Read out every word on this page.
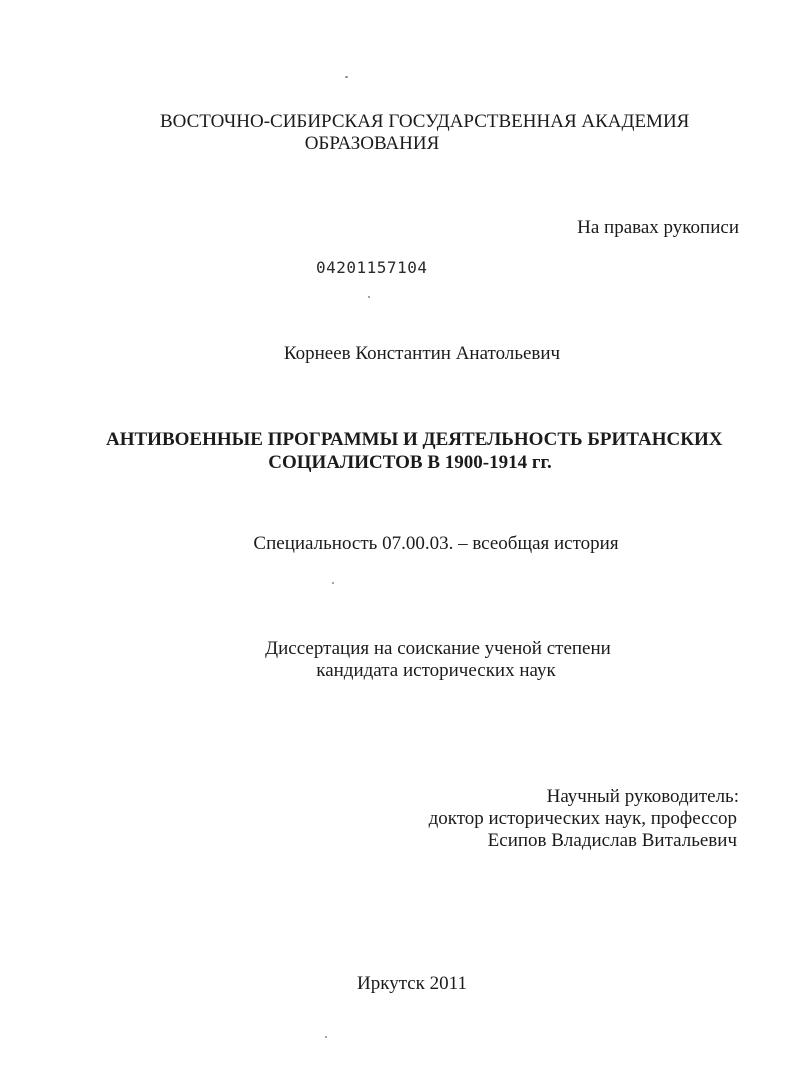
ВОСТОЧНО-СИБИРСКАЯ ГОСУДАРСТВЕННАЯ АКАДЕМИЯ
ОБРАЗОВАНИЯ
На правах рукописи
04201157104
Корнеев Константин Анатольевич
АНТИВОЕННЫЕ ПРОГРАММЫ И ДЕЯТЕЛЬНОСТЬ БРИТАНСКИХ
СОЦИАЛИСТОВ В 1900-1914 гг.
Специальность 07.00.03. – всеобщая история
Диссертация на соискание ученой степени
кандидата исторических наук
Научный руководитель:
доктор исторических наук, профессор
Есипов Владислав Витальевич
Иркутск 2011
